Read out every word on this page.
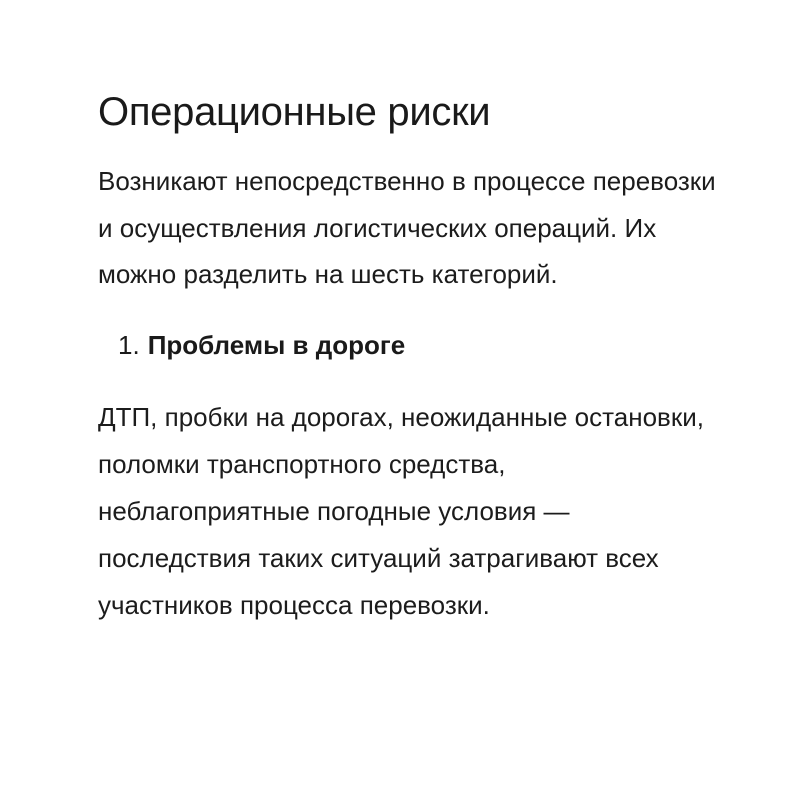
Операционные риски

Возникают непосредственно в процессе перевозки и осуществления логистических операций. Их можно разделить на шесть категорий.

1. Проблемы в дороге

ДТП, пробки на дорогах, неожиданные остановки, поломки транспортного средства, неблагоприятные погодные условия — последствия таких ситуаций затрагивают всех участников процесса перевозки.
